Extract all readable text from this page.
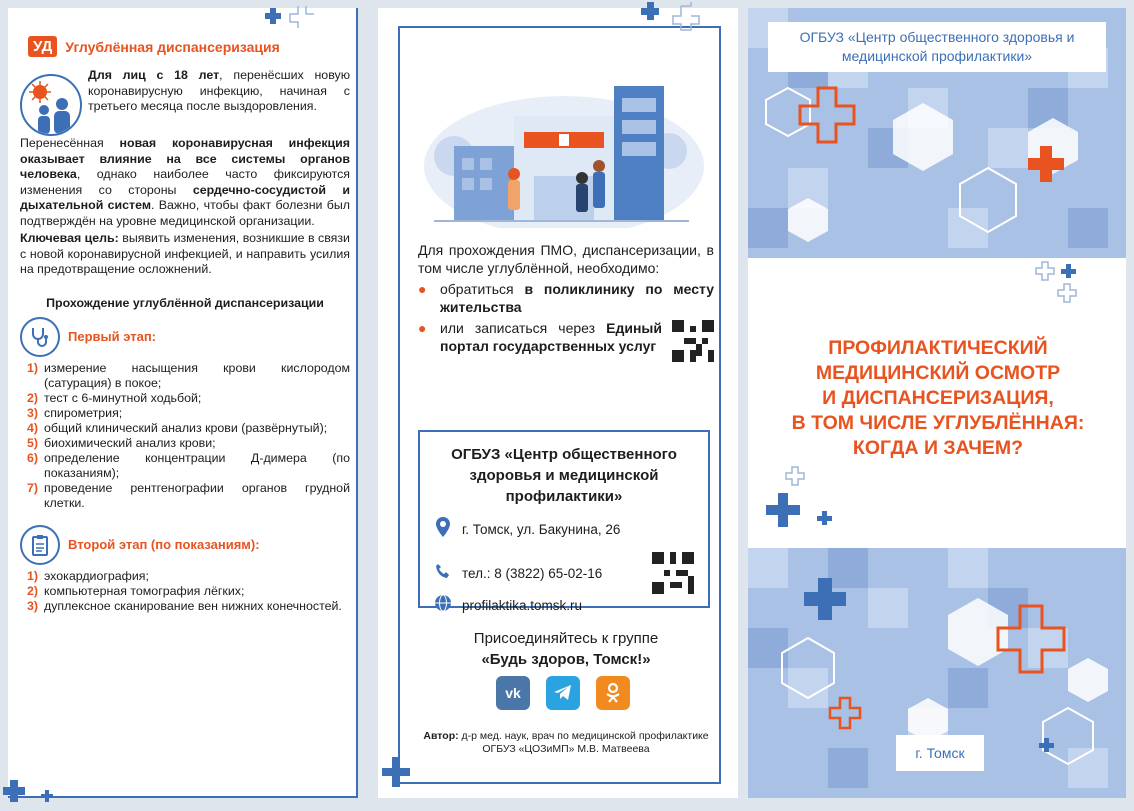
УД Углублённая диспансеризация
Для лиц с 18 лет, перенёсших новую коронавирусную инфекцию, начиная с третьего месяца после выздоровления.

Перенесённая новая коронавирусная инфекция оказывает влияние на все системы органов человека, однако наиболее часто фиксируются изменения со стороны сердечно-сосудистой и дыхательной систем. Важно, чтобы факт болезни был подтверждён на уровне медицинской организации.

Ключевая цель: выявить изменения, возникшие в связи с новой коронавирусной инфекцией, и направить усилия на предотвращение осложнений.

Прохождение углублённой диспансеризации
Первый этап:
1) измерение насыщения крови кислородом (сатурация) в покое;
2) тест с 6-минутной ходьбой;
3) спирометрия;
4) общий клинический анализ крови (развёрнутый);
5) биохимический анализ крови;
6) определение концентрации Д-димера (по показаниям);
7) проведение рентгенографии органов грудной клетки.
Второй этап (по показаниям):
1) эхокардиография;
2) компьютерная томография лёгких;
3) дуплексное сканирование вен нижних конечностей.
Для прохождения ПМО, диспансеризации, в том числе углублённой, необходимо:
● обратиться в поликлинику по месту жительства
● или записаться через Единый портал государственных услуг
ОГБУЗ «Центр общественного здоровья и медицинской профилактики»
г. Томск, ул. Бакунина, 26
тел.: 8 (3822) 65-02-16
profilaktika.tomsk.ru
Присоединяйтесь к группе
«Будь здоров, Томск!»
vk
Автор: д-р мед. наук, врач по медицинской профилактике ОГБУЗ «ЦОЗиМП» М.В. Матвеева
ОГБУЗ «Центр общественного здоровья и медицинской профилактики»
ПРОФИЛАКТИЧЕСКИЙ
МЕДИЦИНСКИЙ ОСМОТР
И ДИСПАНСЕРИЗАЦИЯ,
В ТОМ ЧИСЛЕ УГЛУБЛЁННАЯ:
КОГДА И ЗАЧЕМ?
г. Томск
